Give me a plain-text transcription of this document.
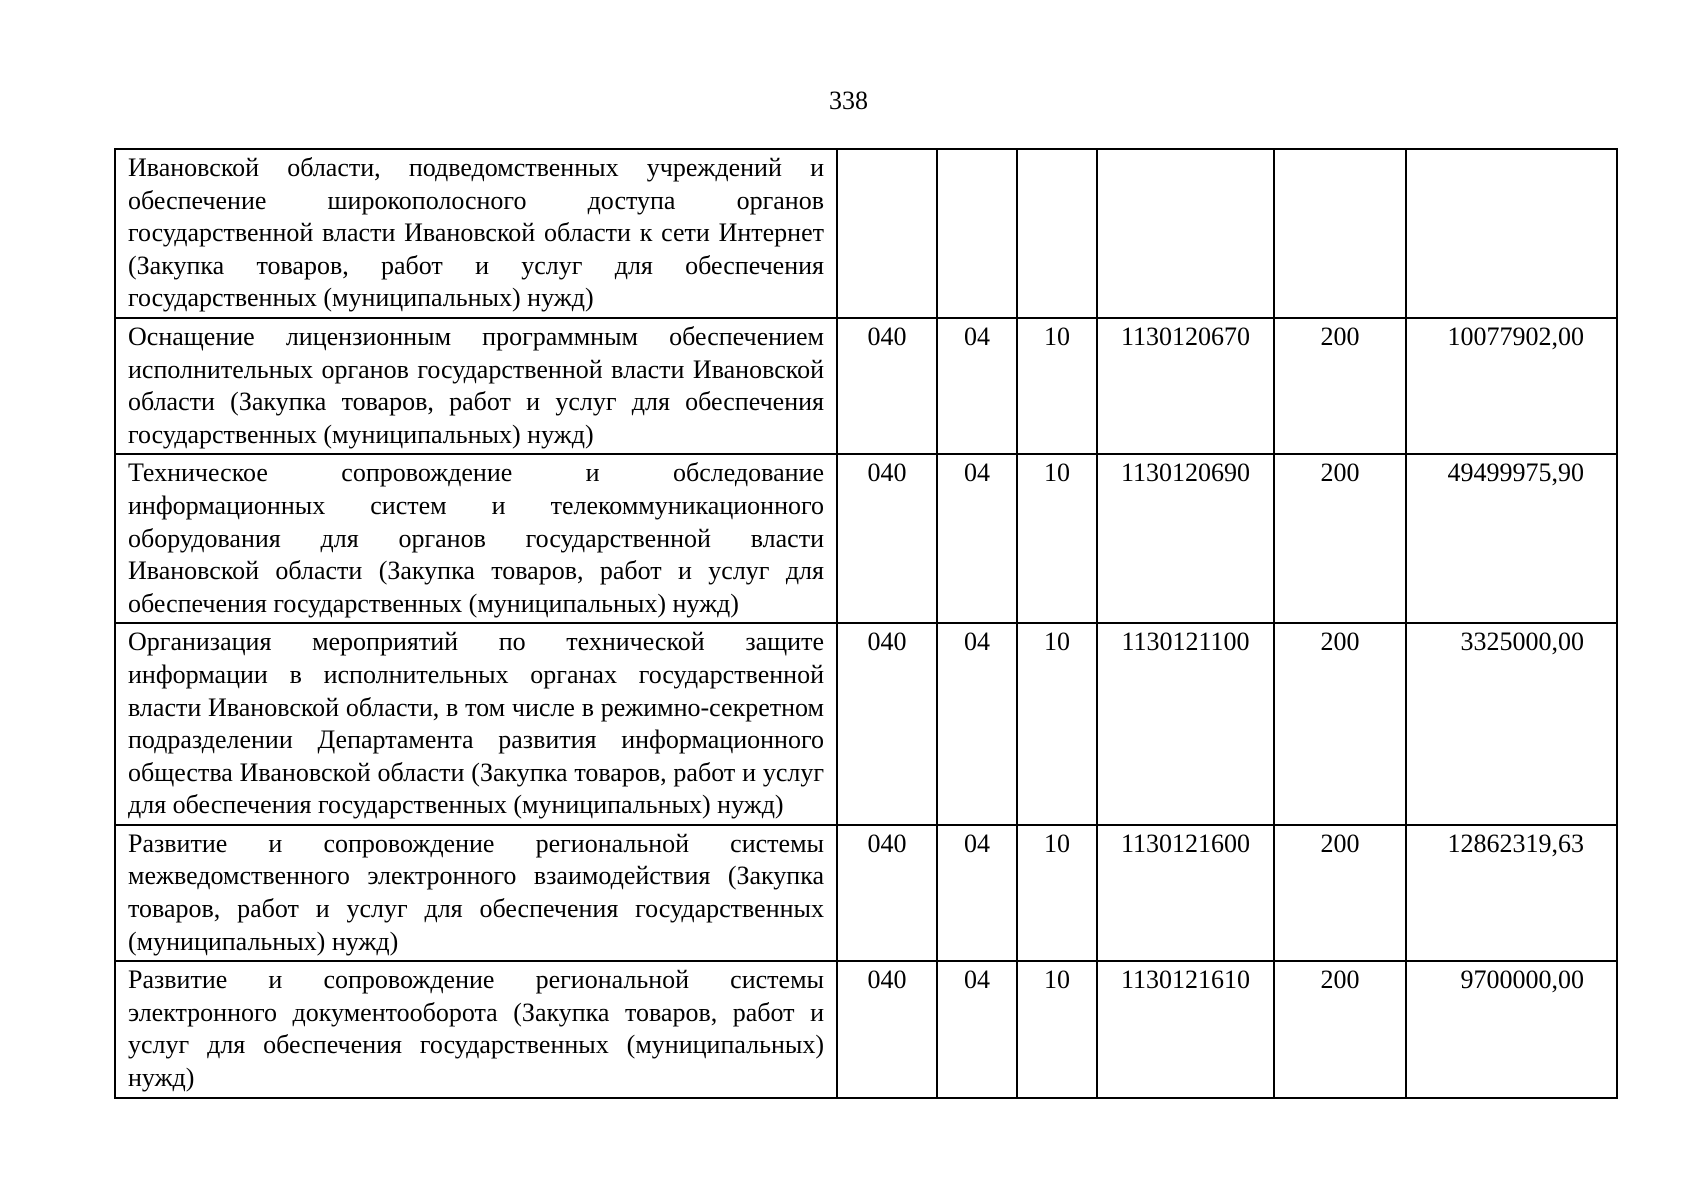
338
Ивановской области, подведомственных учреждений и обеспечение широкополосного доступа органов государственной власти Ивановской области к сети Интернет (Закупка товаров, работ и услуг для обеспечения государственных (муниципальных) нужд)						
Оснащение лицензионным программным обеспечением исполнительных органов государственной власти Ивановской области (Закупка товаров, работ и услуг для обеспечения государственных (муниципальных) нужд)	040	04	10	1130120670	200	10077902,00
Техническое сопровождение и обследование информационных систем и телекоммуникационного оборудования для органов государственной власти Ивановской области (Закупка товаров, работ и услуг для обеспечения государственных (муниципальных) нужд)	040	04	10	1130120690	200	49499975,90
Организация мероприятий по технической защите информации в исполнительных органах государственной власти Ивановской области, в том числе в режимно-секретном подразделении Департамента развития информационного общества Ивановской области (Закупка товаров, работ и услуг для обеспечения государственных (муниципальных) нужд)	040	04	10	1130121100	200	3325000,00
Развитие и сопровождение региональной системы межведомственного электронного взаимодействия (Закупка товаров, работ и услуг для обеспечения государственных (муниципальных) нужд)	040	04	10	1130121600	200	12862319,63
Развитие и сопровождение региональной системы электронного документооборота (Закупка товаров, работ и услуг для обеспечения государственных (муниципальных) нужд)	040	04	10	1130121610	200	9700000,00
